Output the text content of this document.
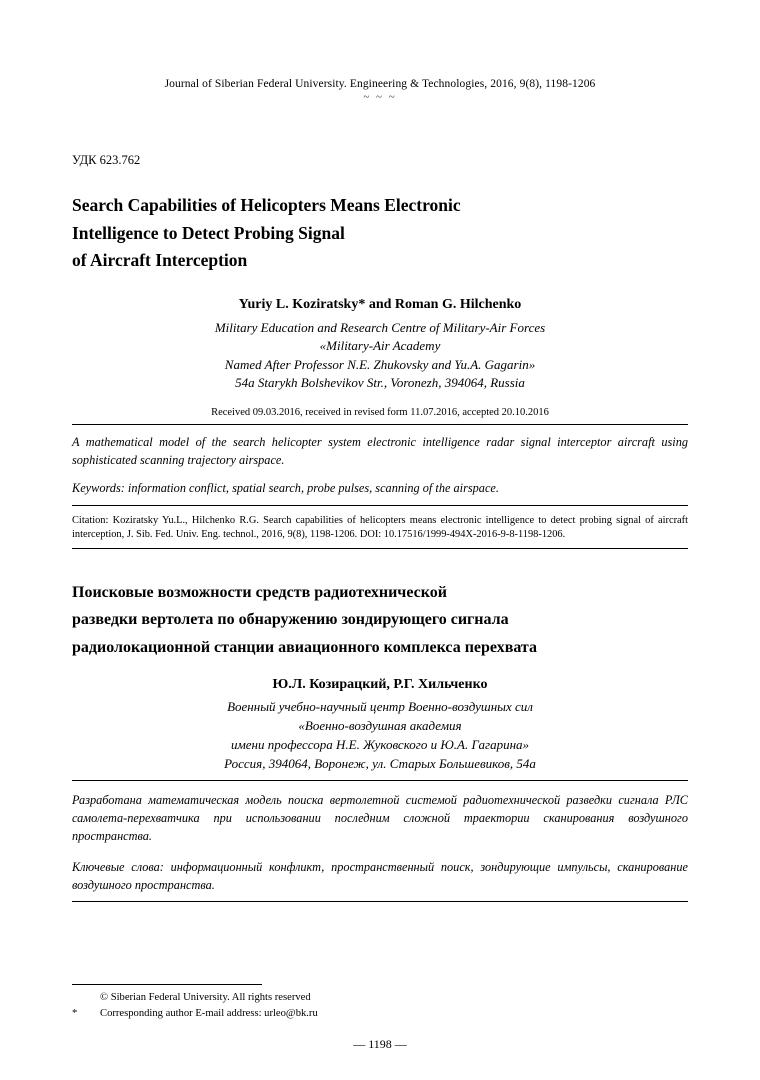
Journal of Siberian Federal University. Engineering & Technologies, 2016, 9(8), 1198-1206
~ ~ ~
УДК 623.762
Search Capabilities of Helicopters Means Electronic
Intelligence to Detect Probing Signal
of Aircraft Interception
Yuriy L. Koziratsky* and Roman G. Hilchenko
Military Education and Research Centre of Military-Air Forces
«Military-Air Academy
Named After Professor N.E. Zhukovsky and Yu.A. Gagarin»
54a Starykh Bolshevikov Str., Voronezh, 394064, Russia
Received 09.03.2016, received in revised form 11.07.2016, accepted 20.10.2016
A mathematical model of the search helicopter system electronic intelligence radar signal interceptor aircraft using sophisticated scanning trajectory airspace.
Keywords: information conflict, spatial search, probe pulses, scanning of the airspace.
Citation: Koziratsky Yu.L., Hilchenko R.G. Search capabilities of helicopters means electronic intelligence to detect probing signal of aircraft interception, J. Sib. Fed. Univ. Eng. technol., 2016, 9(8), 1198-1206. DOI: 10.17516/1999-494X-2016-9-8-1198-1206.
Поисковые возможности средств радиотехнической
разведки вертолета по обнаружению зондирующего сигнала
радиолокационной станции авиационного комплекса перехвата
Ю.Л. Козирацкий, Р.Г. Хильченко
Военный учебно-научный центр Военно-воздушных сил
«Военно-воздушная академия
имени профессора Н.Е. Жуковского и Ю.А. Гагарина»
Россия, 394064, Воронеж, ул. Старых Большевиков, 54а
Разработана математическая модель поиска вертолетной системой радиотехнической разведки сигнала РЛС самолета-перехватчика при использовании последним сложной траектории сканирования воздушного пространства.
Ключевые слова: информационный конфликт, пространственный поиск, зондирующие импульсы, сканирование воздушного пространства.
© Siberian Federal University. All rights reserved
* Corresponding author E-mail address: urleo@bk.ru
— 1198 —
